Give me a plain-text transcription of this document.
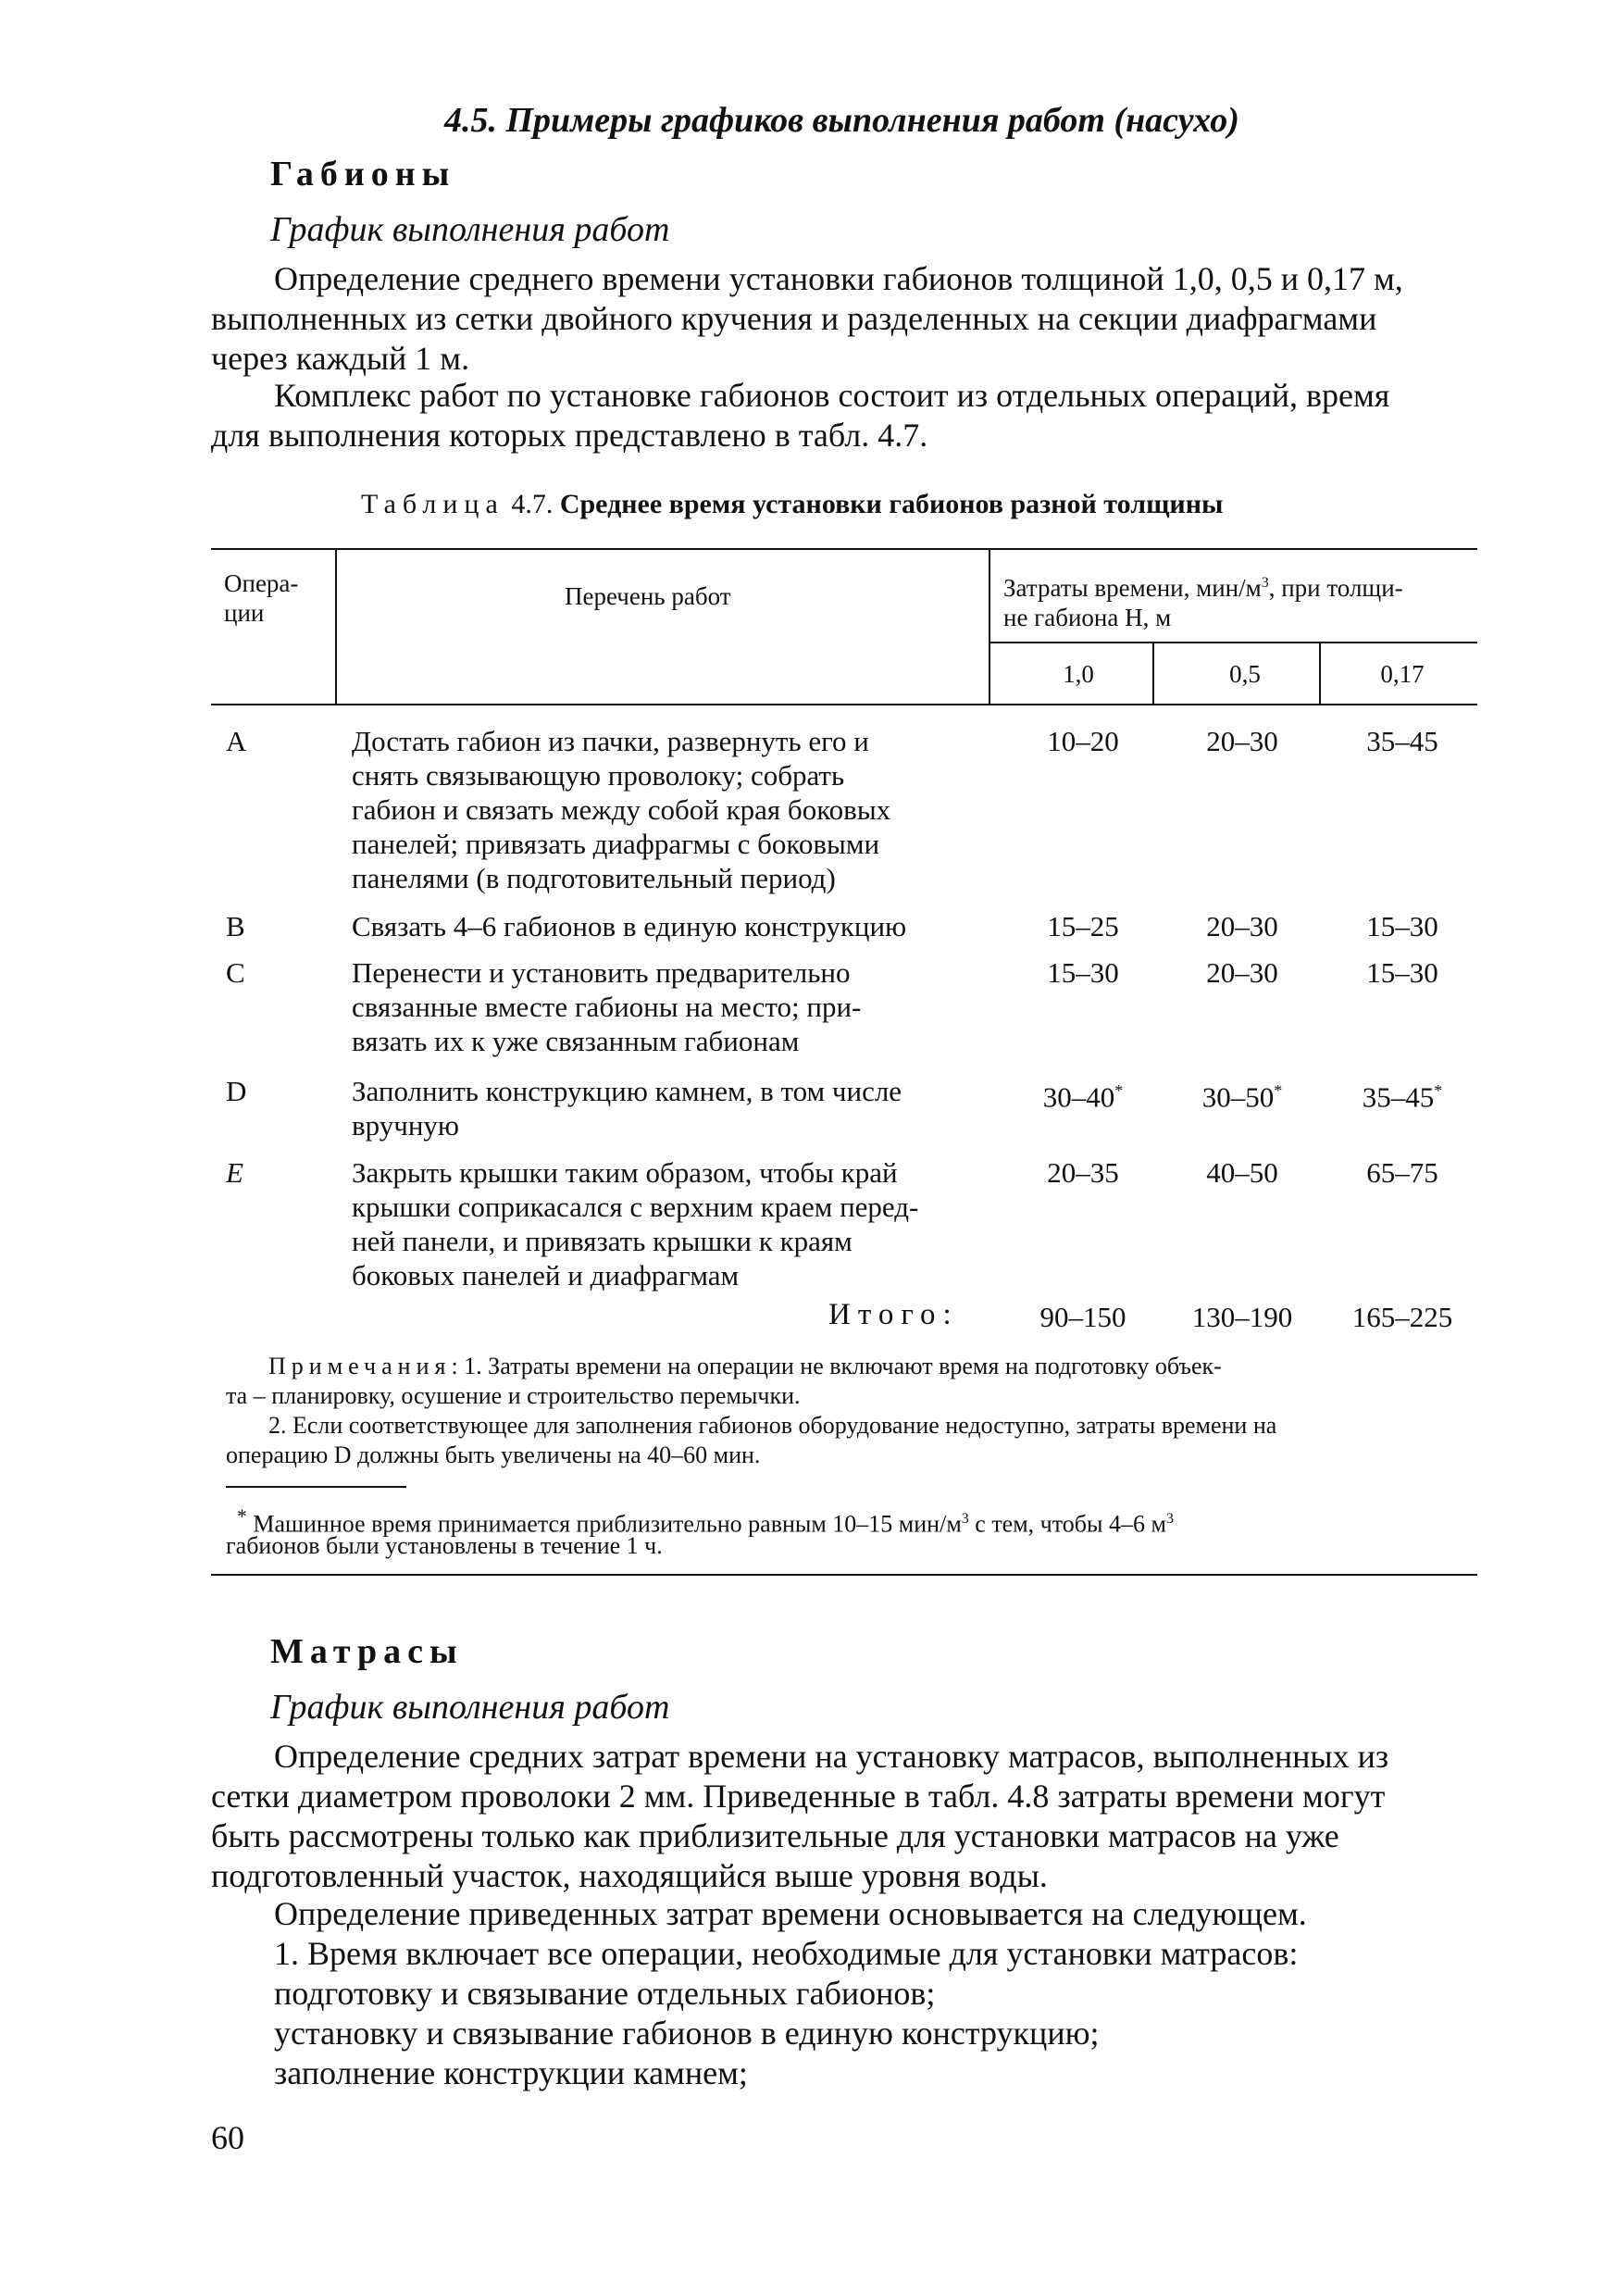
4.5. Примеры графиков выполнения работ (насухо)
Габионы
График выполнения работ
Определение среднего времени установки габионов толщиной 1,0, 0,5 и 0,17 м,
выполненных из сетки двойного кручения и разделенных на секции диафрагмами
через каждый 1 м.
Комплекс работ по установке габионов состоит из отдельных операций, время
для выполнения которых представлено в табл. 4.7.
Таблица 4.7. Среднее время установки габионов разной толщины
Опера-
ции
Перечень работ	Затраты времени, мин/$м^3$, при толщи-
не габиона H, м
1,0	0,5	0,17
A	Достать габион из пачки, развернуть его и
снять связывающую проволоку; собрать
габион и связать между собой края боковых
панелей; привязать диафрагмы с боковыми
панелями (в подготовительный период)
10–20	20–30	35–45
B	Связать 4–6 габионов в единую конструкцию	15–25	20–30	15–30
C	Перенести и установить предварительно
связанные вместе габионы на место; при-
вязать их к уже связанным габионам
15–30	20–30	15–30
D	Заполнить конструкцию камнем, в том числе
вручную
30–40*	30–50*	35–45*
E	Закрыть крышки таким образом, чтобы край
крышки соприкасался с верхним краем перед-
ней панели, и привязать крышки к краям
боковых панелей и диафрагмам
20–35	40–50	65–75
Итого:	90–150	130–190	165–225
Примечания: 1. Затраты времени на операции не включают время на подготовку объек-
та – планировку, осушение и строительство перемычки.
2. Если соответствующее для заполнения габионов оборудование недоступно, затраты времени на
операцию D должны быть увеличены на 40–60 мин.
* Машинное время принимается приблизительно равным 10–15 мин/$м^3$ с тем, чтобы 4–6 $м^3$
габионов были установлены в течение 1 ч.
Матрасы
График выполнения работ
Определение средних затрат времени на установку матрасов, выполненных из
сетки диаметром проволоки 2 мм. Приведенные в табл. 4.8 затраты времени могут
быть рассмотрены только как приблизительные для установки матрасов на уже
подготовленный участок, находящийся выше уровня воды.
Определение приведенных затрат времени основывается на следующем.
1. Время включает все операции, необходимые для установки матрасов:
подготовку и связывание отдельных габионов;
установку и связывание габионов в единую конструкцию;
заполнение конструкции камнем;
60
